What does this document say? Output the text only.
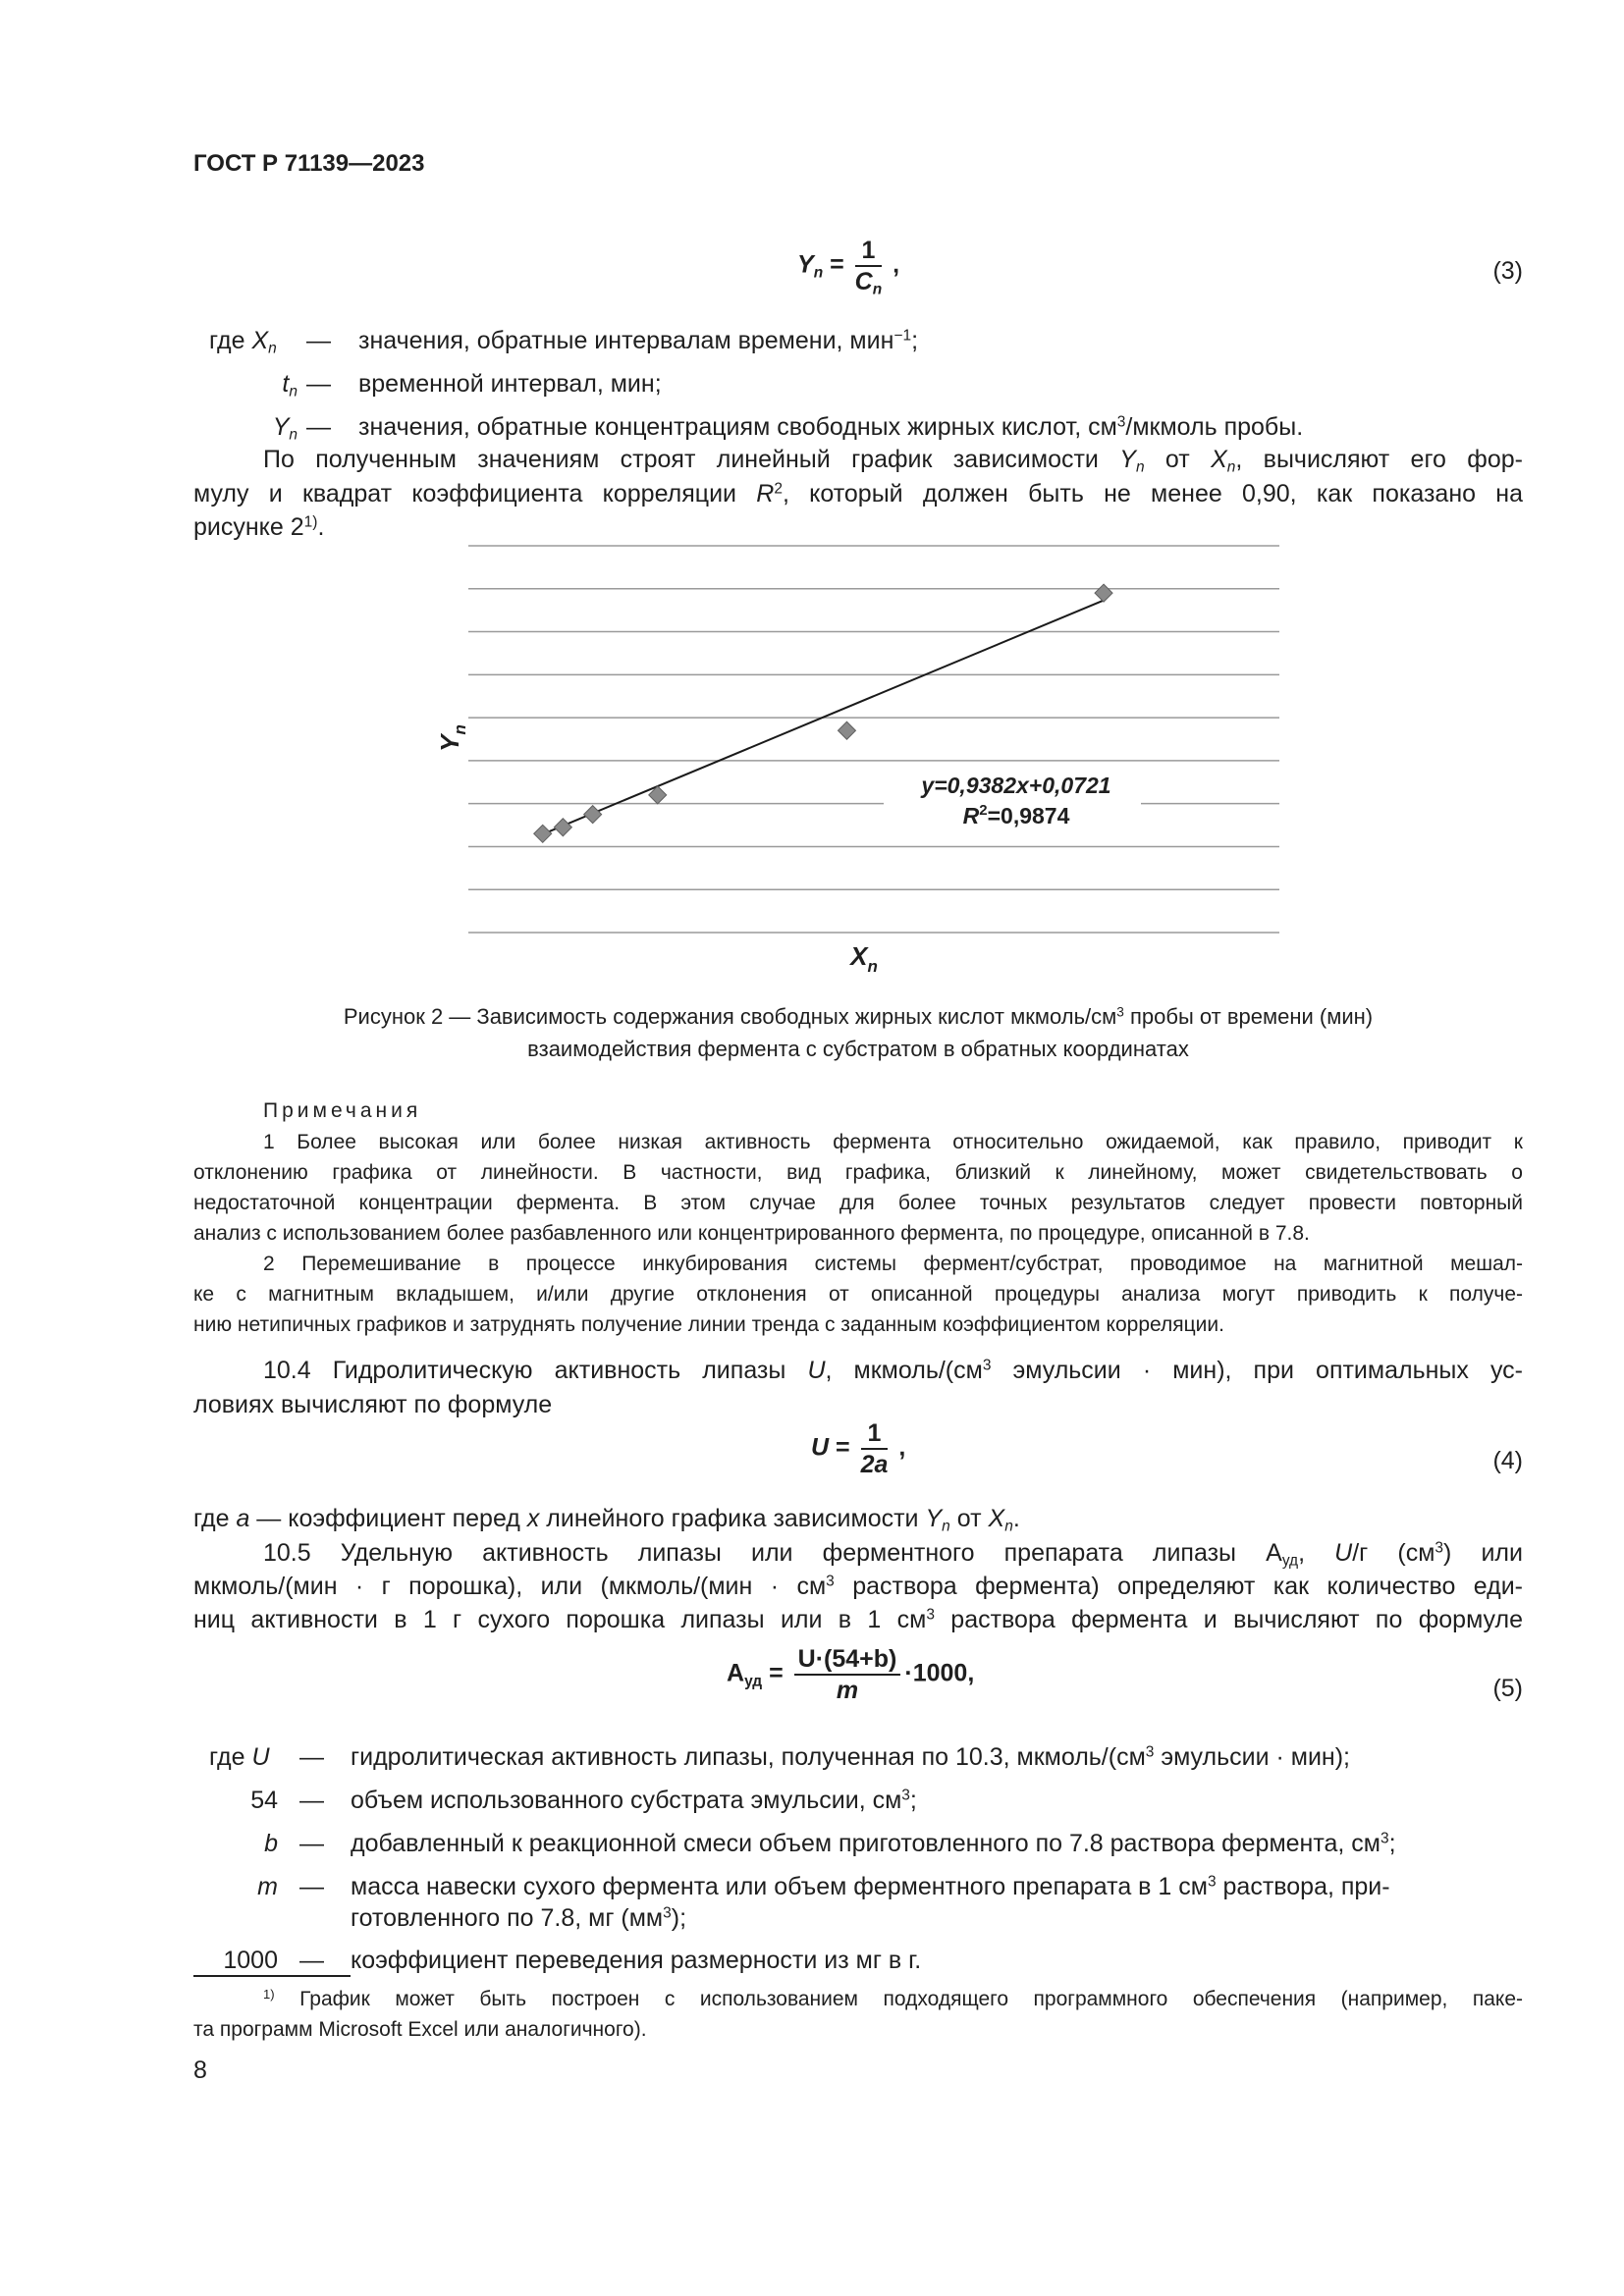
ГОСТ Р 71139—2023
$Y_n = \frac{1}{C_n}$ ,	(3)
где $X_n$	— значения, обратные интервалам времени, мин$^{-1}$;
$t_n$ — временной интервал, мин;
$Y_n$ — значения, обратные концентрациям свободных жирных кислот, $см^3$/мкмоль пробы.
По полученным значениям строят линейный график зависимости $Y_n$ от $X_n$, вычисляют его фор-
мулу и квадрат коэффициента корреляции $R^2$, который должен быть не менее 0,90, как показано на
рисунке 2$^{1)}$.
y=0,9382x+0,0721
$R^2=0,9874$
$X_n$
$Y_n$
Рисунок 2 — Зависимость содержания свободных жирных кислот мкмоль/$см^3$ пробы от времени (мин)
взаимодействия фермента с субстратом в обратных координатах
Примечания
1 Более высокая или более низкая активность фермента относительно ожидаемой, как правило, приводит к
отклонению графика от линейности. В частности, вид графика, близкий к линейному, может свидетельствовать о
недостаточной концентрации фермента. В этом случае для более точных результатов следует провести повторный
анализ с использованием более разбавленного или концентрированного фермента, по процедуре, описанной в 7.8.
2 Перемешивание в процессе инкубирования системы фермент/субстрат, проводимое на магнитной мешал-
ке с магнитным вкладышем, и/или другие отклонения от описанной процедуры анализа могут приводить к получе-
нию нетипичных графиков и затруднять получение линии тренда с заданным коэффициентом корреляции.
10.4 Гидролитическую активность липазы U, мкмоль/($см^3$ эмульсии · мин), при оптимальных ус-
ловиях вычисляют по формуле
$U = \frac{1}{2a}$ ,	(4)
где a — коэффициент перед x линейного графика зависимости $Y_n$ от $X_n$.
10.5 Удельную активность липазы или ферментного препарата липазы $А_{уд}$, U/г $(см^3)$ или
мкмоль/(мин · г порошка), или (мкмоль/(мин · $см^3$ раствора фермента) определяют как количество еди-
ниц активности в 1 г сухого порошка липазы или в 1 $см^3$ раствора фермента и вычисляют по формуле
$А_{уд} = \frac{U\cdot(54+b)}{m} \cdot 1000$,
(5)
где U	— гидролитическая активность липазы, полученная по 10.3, мкмоль/($см^3$ эмульсии · мин);
54 — объем использованного субстрата эмульсии, $см^3$;
b — добавленный к реакционной смеси объем приготовленного по 7.8 раствора фермента, $см^3$;
m — масса навески сухого фермента или объем ферментного препарата в 1 $см^3$ раствора, при-
готовленного по 7.8, мг $(мм^3)$;
1000 — коэффициент переведения размерности из мг в г.
$^{1)}$ График может быть построен с использованием подходящего программного обеспечения (например, паке-
та программ Microsoft Excel или аналогичного).
8
